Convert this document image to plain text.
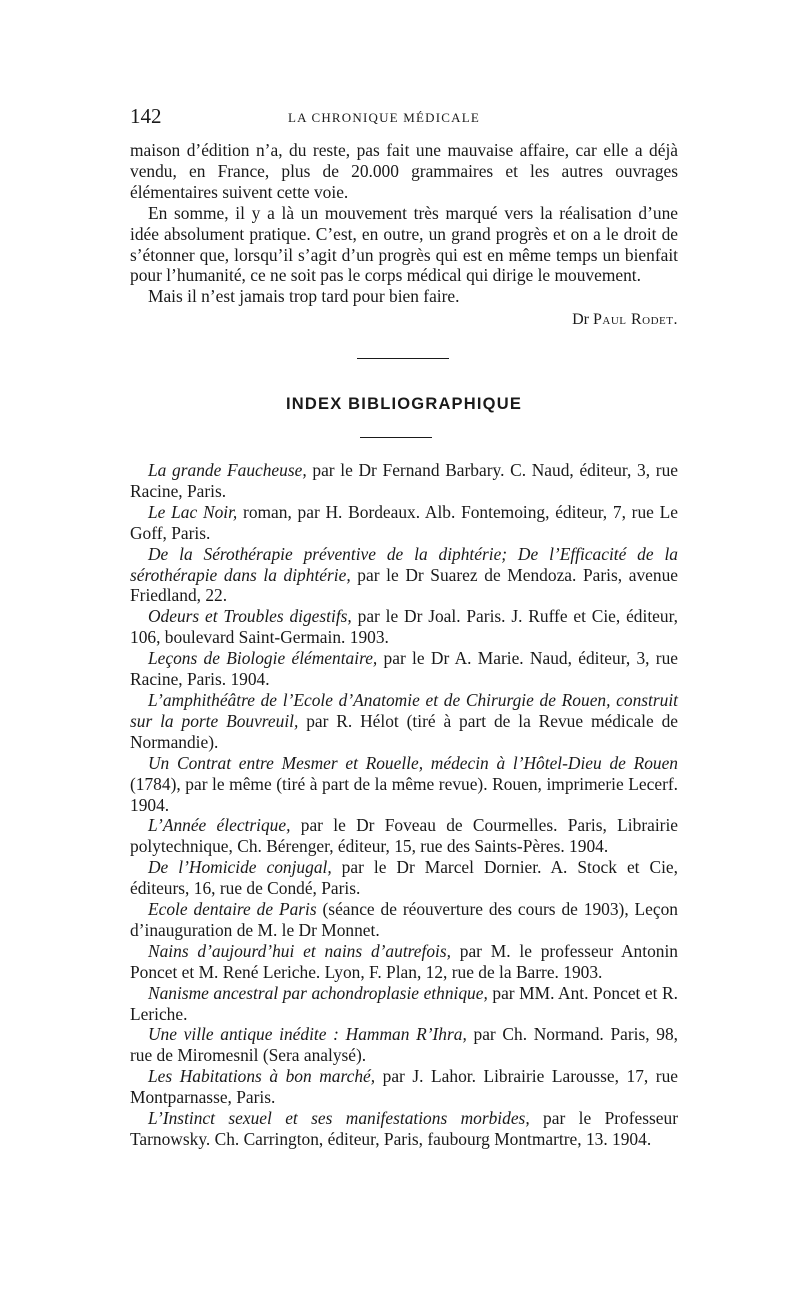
142	LA CHRONIQUE MÉDICALE

maison d’édition n’a, du reste, pas fait une mauvaise affaire, car elle a déjà vendu, en France, plus de 20.000 grammaires et les autres ouvrages élémentaires suivent cette voie.

En somme, il y a là un mouvement très marqué vers la réalisation d’une idée absolument pratique. C’est, en outre, un grand progrès et on a le droit de s’étonner que, lorsqu’il s’agit d’un progrès qui est en même temps un bienfait pour l’humanité, ce ne soit pas le corps médical qui dirige le mouvement.

Mais il n’est jamais trop tard pour bien faire.

Dr Paul Rodet.

INDEX BIBLIOGRAPHIQUE

La grande Faucheuse, par le Dr Fernand Barbary. C. Naud, éditeur, 3, rue Racine, Paris.

Le Lac Noir, roman, par H. Bordeaux. Alb. Fontemoing, éditeur, 7, rue Le Goff, Paris.

De la Sérothérapie préventive de la diphtérie; De l’Efficacité de la sérothérapie dans la diphtérie, par le Dr Suarez de Mendoza. Paris, avenue Friedland, 22.

Odeurs et Troubles digestifs, par le Dr Joal. Paris. J. Ruffe et Cie, éditeur, 106, boulevard Saint-Germain. 1903.

Leçons de Biologie élémentaire, par le Dr A. Marie. Naud, éditeur, 3, rue Racine, Paris. 1904.

L’amphithéâtre de l’Ecole d’Anatomie et de Chirurgie de Rouen, construit sur la porte Bouvreuil, par R. Hélot (tiré à part de la Revue médicale de Normandie).

Un Contrat entre Mesmer et Rouelle, médecin à l’Hôtel-Dieu de Rouen (1784), par le même (tiré à part de la même revue). Rouen, imprimerie Lecerf. 1904.

L’Année électrique, par le Dr Foveau de Courmelles. Paris, Librairie polytechnique, Ch. Bérenger, éditeur, 15, rue des Saints-Pères. 1904.

De l’Homicide conjugal, par le Dr Marcel Dornier. A. Stock et Cie, éditeurs, 16, rue de Condé, Paris.

Ecole dentaire de Paris (séance de réouverture des cours de 1903), Leçon d’inauguration de M. le Dr Monnet.

Nains d’aujourd’hui et nains d’autrefois, par M. le professeur Antonin Poncet et M. René Leriche. Lyon, F. Plan, 12, rue de la Barre. 1903.

Nanisme ancestral par achondroplasie ethnique, par MM. Ant. Poncet et R. Leriche.

Une ville antique inédite : Hamman R’Ihra, par Ch. Normand. Paris, 98, rue de Miromesnil (Sera analysé).

Les Habitations à bon marché, par J. Lahor. Librairie Larousse, 17, rue Montparnasse, Paris.

L’Instinct sexuel et ses manifestations morbides, par le Professeur Tarnowsky. Ch. Carrington, éditeur, Paris, faubourg Montmartre, 13. 1904.
